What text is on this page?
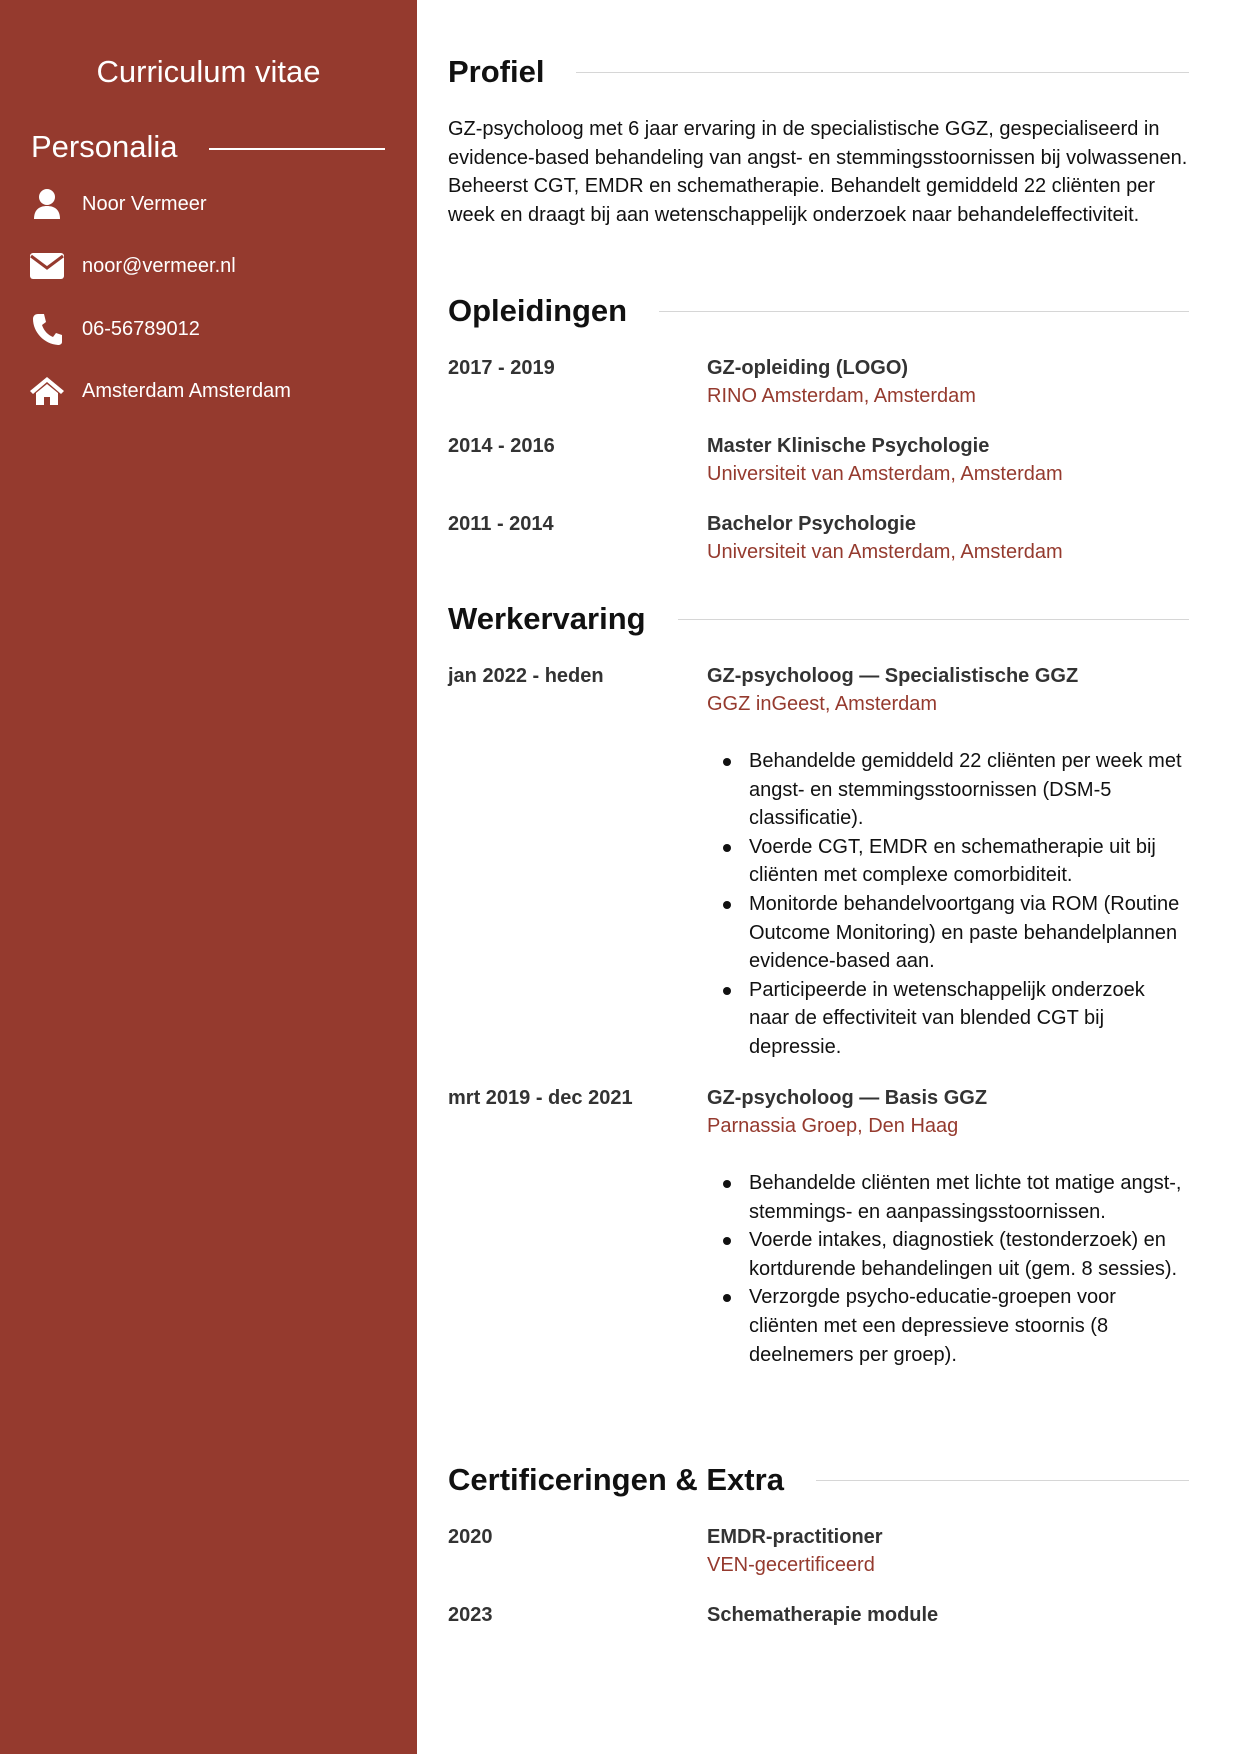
Curriculum vitae
Personalia
Noor Vermeer
noor@vermeer.nl
06-56789012
Amsterdam Amsterdam
Profiel

GZ-psycholoog met 6 jaar ervaring in de specialistische GGZ, gespecialiseerd in evidence-based behandeling van angst- en stemmingsstoornissen bij volwassenen. Beheerst CGT, EMDR en schematherapie. Behandelt gemiddeld 22 cliënten per week en draagt bij aan wetenschappelijk onderzoek naar behandeleffectiviteit.

Opleidingen
2017 - 2019	GZ-opleiding (LOGO)
RINO Amsterdam, Amsterdam
2014 - 2016	Master Klinische Psychologie
Universiteit van Amsterdam, Amsterdam
2011 - 2014	Bachelor Psychologie
Universiteit van Amsterdam, Amsterdam
Werkervaring
jan 2022 - heden	GZ-psycholoog — Specialistische GGZ
GGZ inGeest, Amsterdam
Behandelde gemiddeld 22 cliënten per week met angst- en stemmingsstoornissen (DSM-5 classificatie).
Voerde CGT, EMDR en schematherapie uit bij cliënten met complexe comorbiditeit.
Monitorde behandelvoortgang via ROM (Routine Outcome Monitoring) en paste behandelplannen evidence-based aan.
Participeerde in wetenschappelijk onderzoek naar de effectiviteit van blended CGT bij depressie.
mrt 2019 - dec 2021	GZ-psycholoog — Basis GGZ
Parnassia Groep, Den Haag
Behandelde cliënten met lichte tot matige angst-, stemmings- en aanpassingsstoornissen.
Voerde intakes, diagnostiek (testonderzoek) en kortdurende behandelingen uit (gem. 8 sessies).
Verzorgde psycho-educatie-groepen voor cliënten met een depressieve stoornis (8 deelnemers per groep).
Certificeringen & Extra
2020	EMDR-practitioner
VEN-gecertificeerd
2023	Schematherapie module
